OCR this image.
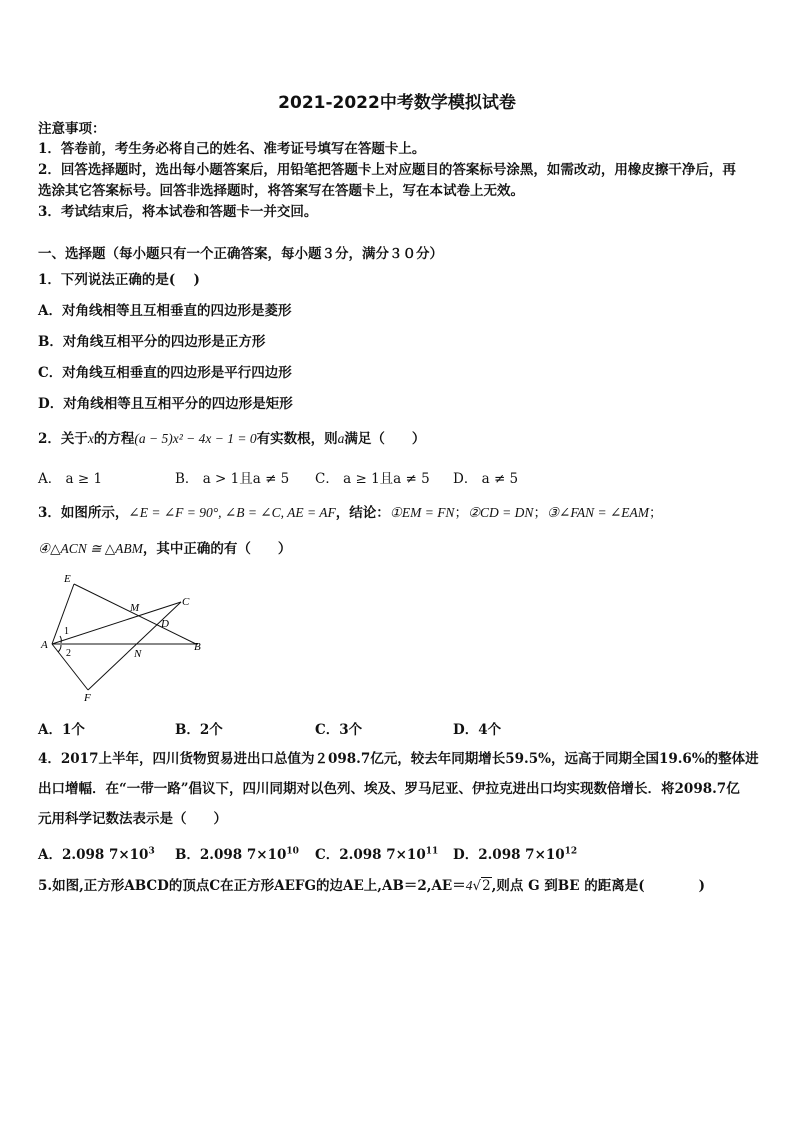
2021-2022中考数学模拟试卷
注意事项：
1．答卷前，考生务必将自己的姓名、准考证号填写在答题卡上。
2．回答选择题时，选出每小题答案后，用铅笔把答题卡上对应题目的答案标号涂黑，如需改动，用橡皮擦干净后，再
选涂其它答案标号。回答非选择题时，将答案写在答题卡上，写在本试卷上无效。
3．考试结束后，将本试卷和答题卡一并交回。
一、选择题（每小题只有一个正确答案，每小题３分，满分３０分）
1．下列说法正确的是(　 )
A．对角线相等且互相垂直的四边形是菱形
B．对角线互相平分的四边形是正方形
C．对角线互相垂直的四边形是平行四边形
D．对角线相等且互相平分的四边形是矩形
2．关于x的方程(a − 5)x² − 4x − 1 = 0有实数根，则a满足（　　）
A． a ≥ 1	B． a > 1且a ≠ 5 C． a ≥ 1且a ≠ 5 D． a ≠ 5
3．如图所示，∠E = ∠F = 90°, ∠B = ∠C, AE = AF，结论：①EM = FN；②CD = DN；③∠FAN = ∠EAM；
④△ACN ≅ △ABM，其中正确的有（　　）
E
M	C
D
A
N
B
F
1
2
A．1个	B．2个	C．3个	D．4个
4．2017上半年，四川货物贸易进出口总值为２098.7亿元，较去年同期增长59.5%，远高于同期全国19.6%的整体进
出口增幅．在“一带一路”倡议下，四川同期对以色列、埃及、罗马尼亚、伊拉克进出口均实现数倍增长．将2098.7亿
元用科学记数法表示是（　　）
A．2.098 $7\times 10^3$ B．2.098 $7\times 10^{10}$ C．2.098 $7\times 10^{11}$ D．2.098 $7\times 10^{12}$
5.如图,正方形ABCD的顶点C在正方形AEFG的边AE上,AB＝2,AE＝4√2,则点 G 到BE 的距离是(　　　　)
